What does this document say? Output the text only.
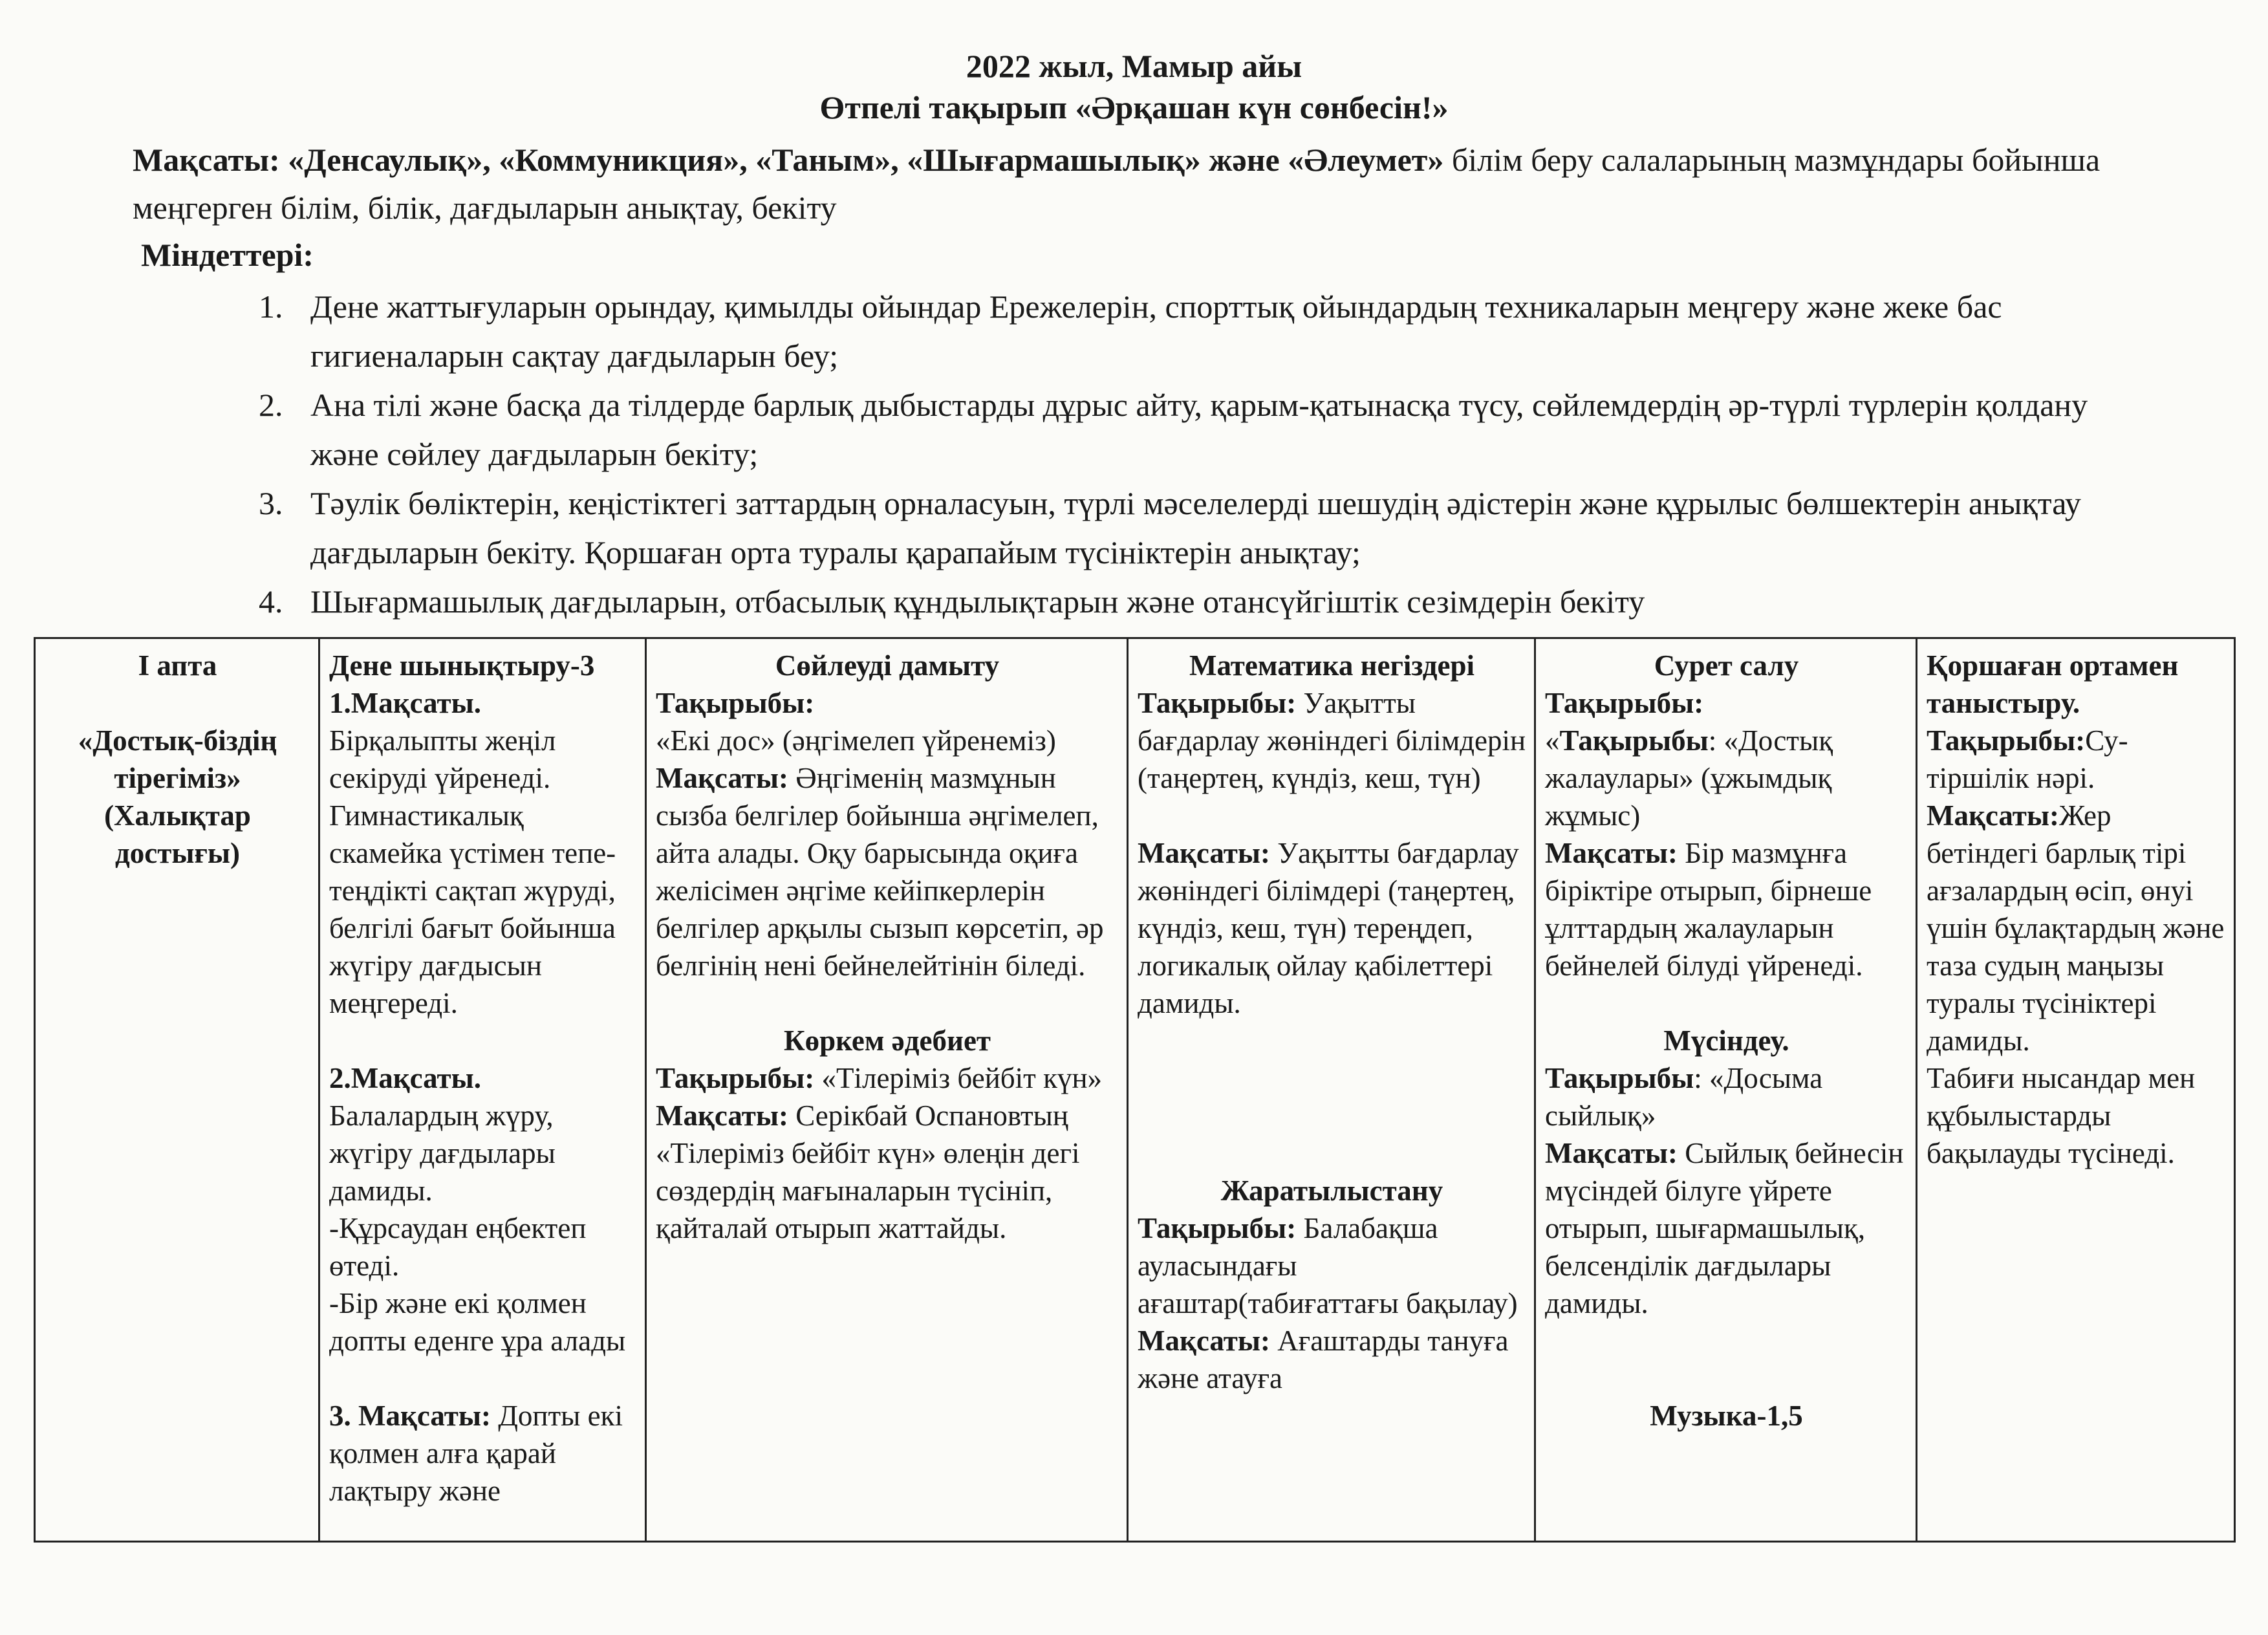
2022 жыл, Мамыр айы
Өтпелі тақырып «Әрқашан күн сөнбесін!»
Мақсаты: «Денсаулық», «Коммуникция», «Таным», «Шығармашылық» және «Әлеумет» білім беру салаларының мазмұндары бойынша меңгерген білім, білік, дағдыларын анықтау, бекіту
Міндеттері:
1. Дене жаттығуларын орындау, қимылды ойындар Ережелерін, спорттық ойындардың техникаларын меңгеру және жеке бас гигиеналарын сақтау дағдыларын беу;
2. Ана тілі және басқа да тілдерде барлық дыбыстарды дұрыс айту, қарым-қатынасқа түсу, сөйлемдердің әр-түрлі түрлерін қолдану және сөйлеу дағдыларын бекіту;
3. Тәулік бөліктерін, кеңістіктегі заттардың орналасуын, түрлі мәселелерді шешудің әдістерін және құрылыс бөлшектерін анықтау дағдыларын бекіту. Қоршаған орта туралы қарапайым түсініктерін анықтау;
4. Шығармашылық дағдыларын, отбасылық құндылықтарын және отансүйгіштік сезімдерін бекіту
І апта
«Достық-біздің тірегіміз»
(Халықтар достығы)

Дене шынықтыру-3
1.Мақсаты.
Бірқалыпты жеңіл секіруді үйренеді. Гимнастикалық скамейка үстімен тепе-теңдікті сақтап жүруді, белгілі бағыт бойынша жүгіру дағдысын меңгереді.
2.Мақсаты.
Балалардың жүру, жүгіру дағдылары дамиды.
-Құрсаудан еңбектеп өтеді.
-Бір және екі қолмен допты еденге ұра алады
3. Мақсаты: Допты екі қолмен алға қарай лақтыру және

Сөйлеуді дамыту
Тақырыбы:
«Екі дос» (әңгімелеп үйренеміз)
Мақсаты: Әңгіменің мазмұнын сызба белгілер бойынша әңгімелеп, айта алады. Оқу барысында оқиға желісімен әңгіме кейіпкерлерін белгілер арқылы сызып көрсетіп, әр белгінің нені бейнелейтінін біледі.
Көркем әдебиет
Тақырыбы: «Тілеріміз бейбіт күн»
Мақсаты: Серікбай Оспановтың «Тілеріміз бейбіт күн» өлеңін дегі сөздердің мағыналарын түсініп, қайталай отырып жаттайды.

Математика негіздері
Тақырыбы: Уақытты бағдарлау жөніндегі білімдерін (таңертең, күндіз, кеш, түн)
Мақсаты: Уақытты бағдарлау жөніндегі білімдері (таңертең, күндіз, кеш, түн) тереңдеп, логикалық ойлау қабілеттері дамиды.
Жаратылыстану
Тақырыбы: Балабақша ауласындағы ағаштар(табиғаттағы бақылау)
Мақсаты: Ағаштарды тануға және атауға

Сурет салу
Тақырыбы:
«Тақырыбы: «Достық жалаулары» (ұжымдық жұмыс)
Мақсаты: Бір мазмұнға біріктіре отырып, бірнеше ұлттардың жалауларын бейнелей білуді үйренеді.
Мүсіндеу.
Тақырыбы: «Досыма сыйлық»
Мақсаты: Сыйлық бейнесін мүсіндей білуге үйрете отырып, шығармашылық, белсенділік дағдылары дамиды.
Музыка-1,5

Қоршаған ортамен таныстыру.
Тақырыбы:Су-тіршілік нәрі.
Мақсаты:Жер бетіндегі барлық тірі ағзалардың өсіп, өнуі үшін бұлақтардың және таза судың маңызы туралы түсініктері дамиды.
Табиғи нысандар мен құбылыстарды бақылауды түсінеді.
